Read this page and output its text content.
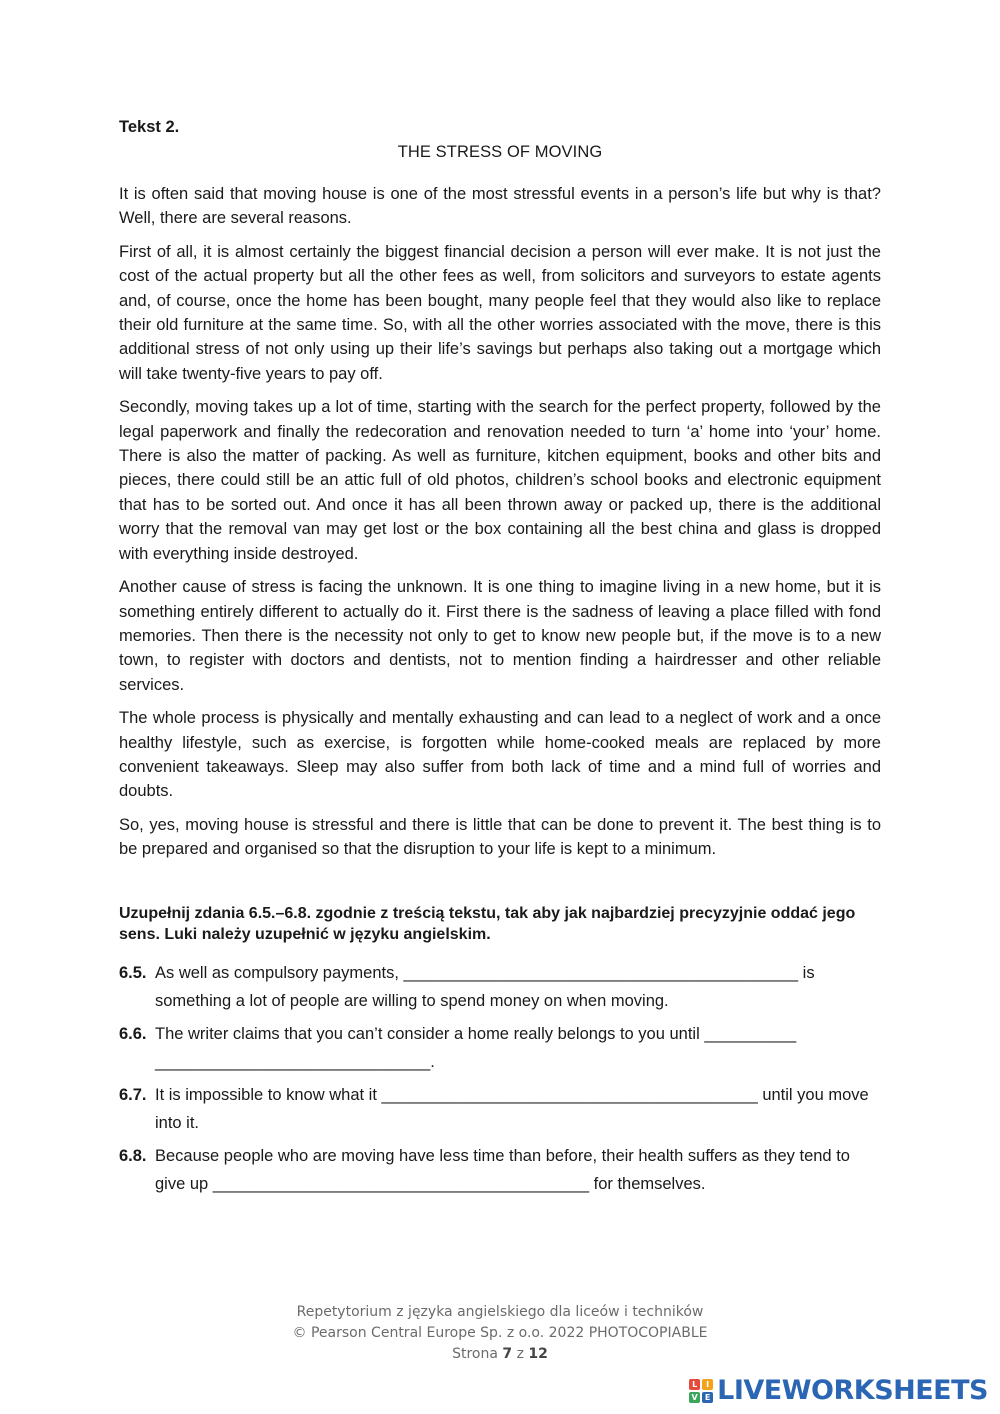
Tekst 2.
THE STRESS OF MOVING

It is often said that moving house is one of the most stressful events in a person’s life but why is that? Well, there are several reasons.

First of all, it is almost certainly the biggest financial decision a person will ever make. It is not just the cost of the actual property but all the other fees as well, from solicitors and surveyors to estate agents and, of course, once the home has been bought, many people feel that they would also like to replace their old furniture at the same time. So, with all the other worries associated with the move, there is this additional stress of not only using up their life’s savings but perhaps also taking out a mortgage which will take twenty-five years to pay off.

Secondly, moving takes up a lot of time, starting with the search for the perfect property, followed by the legal paperwork and finally the redecoration and renovation needed to turn ‘a’ home into ‘your’ home. There is also the matter of packing. As well as furniture, kitchen equipment, books and other bits and pieces, there could still be an attic full of old photos, children’s school books and electronic equipment that has to be sorted out. And once it has all been thrown away or packed up, there is the additional worry that the removal van may get lost or the box containing all the best china and glass is dropped with everything inside destroyed.

Another cause of stress is facing the unknown. It is one thing to imagine living in a new home, but it is something entirely different to actually do it. First there is the sadness of leaving a place filled with fond memories. Then there is the necessity not only to get to know new people but, if the move is to a new town, to register with doctors and dentists, not to mention finding a hairdresser and other reliable services.

The whole process is physically and mentally exhausting and can lead to a neglect of work and a once healthy lifestyle, such as exercise, is forgotten while home-cooked meals are replaced by more convenient takeaways. Sleep may also suffer from both lack of time and a mind full of worries and doubts.

So, yes, moving house is stressful and there is little that can be done to prevent it. The best thing is to be prepared and organised so that the disruption to your life is kept to a minimum.

Uzupełnij zdania 6.5.–6.8. zgodnie z treścią tekstu, tak aby jak najbardziej precyzyjnie oddać jego sens. Luki należy uzupełnić w języku angielskim.
6.5. As well as compulsory payments, ___________________________________________ is something a lot of people are willing to spend money on when moving.
6.6. The writer claims that you can’t consider a home really belongs to you until __________ ______________________________.
6.7. It is impossible to know what it _________________________________________ until you move into it.
6.8. Because people who are moving have less time than before, their health suffers as they tend to give up _________________________________________ for themselves.
Repetytorium z języka angielskiego dla liceów i techników
© Pearson Central Europe Sp. z o.o. 2022 PHOTOCOPIABLE
Strona 7 z 12
L	I
V E LIVEWORKSHEETS
